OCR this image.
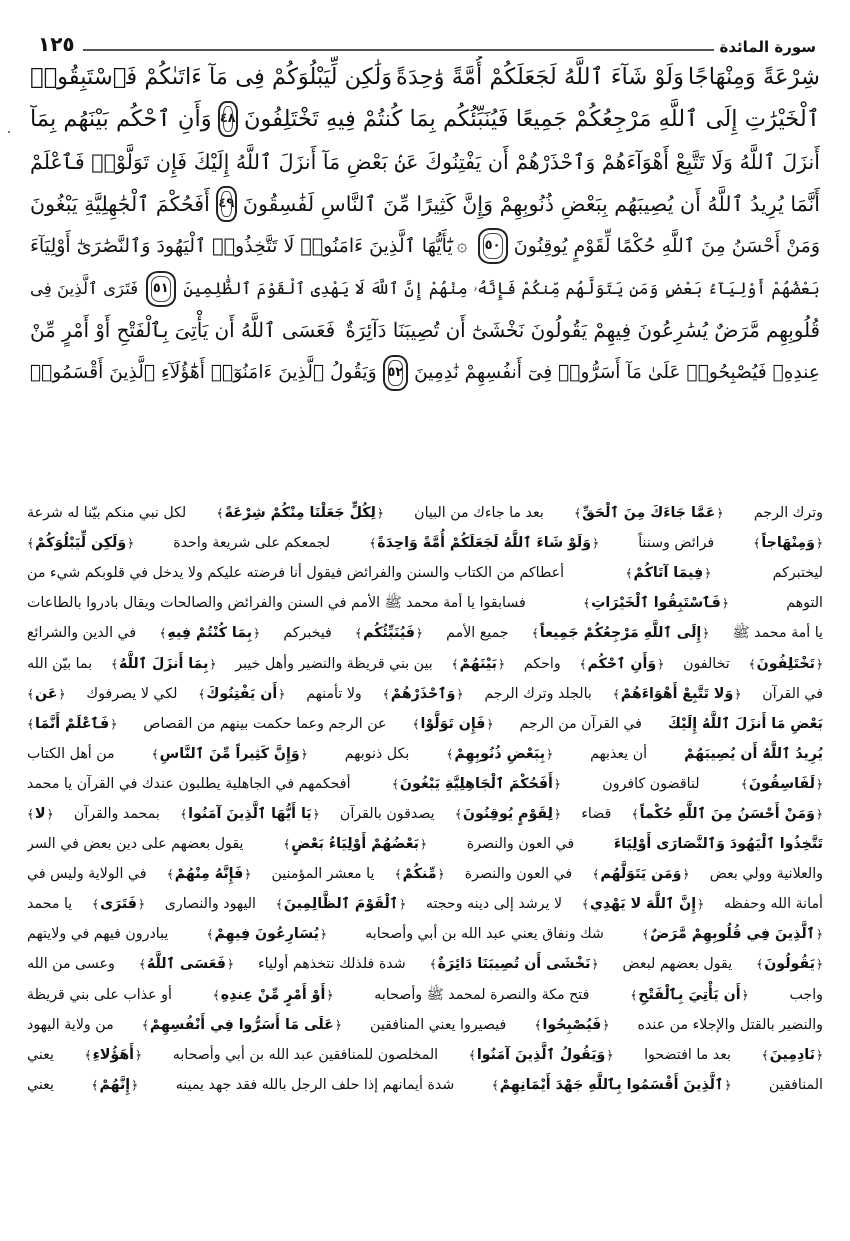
سورة المائدة
١٢٥
شِرْعَةً وَمِنْهَاجًا
وَلَوْ شَآءَ ٱللَّهُ لَجَعَلَكُمْ أُمَّةً وَٰحِدَةً
وَلَٰكِن لِّيَبْلُوَكُمْ فِى مَآ ءَاتَىٰكُمْ فَٱسْتَبِقُوا۟
ٱلْخَيْرَٰتِ إِلَى ٱللَّهِ مَرْجِعُكُمْ جَمِيعًا فَيُنَبِّئُكُم بِمَا كُنتُمْ فِيهِ تَخْتَلِفُونَ
٤٨
وَأَنِ ٱحْكُم بَيْنَهُم بِمَآ
أَنزَلَ ٱللَّهُ وَلَا تَتَّبِعْ أَهْوَآءَهُمْ وَٱحْذَرْهُمْ أَن يَفْتِنُوكَ عَنۢ بَعْضِ مَآ أَنزَلَ ٱللَّهُ إِلَيْكَ
فَإِن تَوَلَّوْا۟ فَٱعْلَمْ
أَنَّمَا يُرِيدُ ٱللَّهُ أَن يُصِيبَهُم بِبَعْضِ ذُنُوبِهِمْ وَإِنَّ كَثِيرًا مِّنَ ٱلنَّاسِ لَفَٰسِقُونَ
٤٩
أَفَحُكْمَ ٱلْجَٰهِلِيَّةِ يَبْغُونَ
وَمَنْ أَحْسَنُ مِنَ ٱللَّهِ حُكْمًا لِّقَوْمٍ يُوقِنُونَ
٥٠
۞
يَٰٓأَيُّهَا ٱلَّذِينَ ءَامَنُوا۟ لَا تَتَّخِذُوا۟ ٱلْيَهُودَ وَٱلنَّصَٰرَىٰٓ أَوْلِيَآءَ
بَعْضُهُمْ أَوْلِيَآءُ بَعْضٍ وَمَن يَتَوَلَّهُم مِّنكُمْ فَإِنَّهُۥ مِنْهُمْ إِنَّ ٱللَّهَ لَا يَهْدِى ٱلْقَوْمَ ٱلظَّٰلِمِينَ
٥١
فَتَرَى ٱلَّذِينَ فِى
قُلُوبِهِم مَّرَضٌ يُسَٰرِعُونَ فِيهِمْ يَقُولُونَ نَخْشَىٰٓ أَن تُصِيبَنَا دَآئِرَةٌ
فَعَسَى ٱللَّهُ أَن يَأْتِىَ بِٱلْفَتْحِ أَوْ أَمْرٍ مِّنْ
عِندِهِۦ فَيُصْبِحُوا۟ عَلَىٰ مَآ أَسَرُّوا۟ فِىٓ أَنفُسِهِمْ نَٰدِمِينَ
٥٢
وَيَقُولُ ٱلَّذِينَ ءَامَنُوٓا۟ أَهَٰٓؤُلَآءِ ٱلَّذِينَ أَقْسَمُوا۟
وترك الرجم
﴿ عَمَّا جَاءَكَ مِنَ ٱلْحَقِّ ﴾
بعد ما جاءك من البيان
﴿ لِكُلٍّ جَعَلْنَا مِنْكُمْ شِرْعَةً ﴾
لكل نبي منكم بيّنا له شرعة
﴿ وَمِنْهَاجاً ﴾
فرائض وسنناً
﴿ وَلَوْ شَاءَ ٱللَّهُ لَجَعَلَكُمْ أُمَّةً وَاحِدَةً ﴾
لجمعكم على شريعة واحدة
﴿ وَلَكِن لِّيَبْلُوَكُمْ ﴾
ليختبركم
﴿ فِيمَا آتَاكُمْ ﴾
أعطاكم من الكتاب والسنن والفرائض فيقول أنا فرضته عليكم ولا يدخل في قلوبكم شيء من
التوهم
﴿ فَٱسْتَبِقُوا ٱلْخَيْرَاتِ ﴾
فسابقوا يا أمة محمد ﷺ الأمم في السنن والفرائض والصالحات ويقال بادروا بالطاعات
يا أمة محمد ﷺ
﴿ إِلَى ٱللَّهِ مَرْجِعُكُمْ جَمِيعاً ﴾
جميع الأمم
﴿ فَيُنَبِّئُكُم ﴾
فيخبركم
﴿ بِمَا كُنْتُمْ فِيهِ ﴾
في الدين والشرائع
﴿ تَخْتَلِفُونَ ﴾
تخالفون
﴿ وَأَنِ ٱحْكُم ﴾
واحكم
﴿ بَيْنَهُمْ ﴾
بين بني قريظة والنضير وأهل خيبر
﴿ بِمَا أَنزَلَ ٱللَّهُ ﴾
بما بيّن الله
في القرآن
﴿ وَلا تَتَّبِعْ أَهْوَاءَهُمْ ﴾
بالجلد وترك الرجم
﴿ وَٱحْذَرْهُمْ ﴾
ولا تأمنهم
﴿ أَن يَفْتِنُوكَ ﴾
لكي لا يصرفوك
﴿ عَن ﴾
بَعْضِ مَا أَنزَلَ ٱللَّهُ إِلَيْكَ
في القرآن من الرجم
﴿ فَإِن تَوَلَّوْا ﴾
عن الرجم وعما حكمت بينهم من القصاص
﴿ فَٱعْلَمْ أَنَّمَا ﴾
يُرِيدُ ٱللَّهُ أَن يُصِيبَهُمْ
أن يعذبهم
﴿ بِبَعْضِ ذُنُوبِهِمْ ﴾
بكل ذنوبهم
﴿ وَإِنَّ كَثِيراً مِّنَ ٱلنَّاسِ ﴾
من أهل الكتاب
﴿ لَفَاسِقُونَ ﴾
لناقضون كافرون
﴿ أَفَحُكْمَ ٱلْجَاهِلِيَّةِ يَبْغُونَ ﴾
أفحكمهم في الجاهلية يطلبون عندك في القرآن يا محمد
﴿ وَمَنْ أَحْسَنُ مِنَ ٱللَّهِ حُكْماً ﴾
قضاء
﴿ لِقَوْمٍ يُوقِنُونَ ﴾
يصدقون بالقرآن
﴿ يَا أَيُّهَا ٱلَّذِينَ آمَنُوا ﴾
بمحمد والقرآن
﴿ لا ﴾
تَتَّخِذُوا ٱلْيَهُودَ وَٱلنَّصَارَى أَوْلِيَاءَ
في العون والنصرة
﴿ بَعْضُهُمْ أَوْلِيَاءُ بَعْضٍ ﴾
يقول بعضهم على دين بعض في السر
والعلانية وولي بعض
﴿ وَمَن يَتَوَلَّهُم ﴾
في العون والنصرة
﴿ مِّنكُمْ ﴾
يا معشر المؤمنين
﴿ فَإِنَّهُ مِنْهُمْ ﴾
في الولاية وليس في
أمانة الله وحفظه
﴿ إِنَّ ٱللَّهَ لا يَهْدِي ﴾
لا يرشد إلى دينه وحجته
﴿ ٱلْقَوْمَ ٱلظَّالِمِينَ ﴾
اليهود والنصارى
﴿ فَتَرَى ﴾
يا محمد
﴿ ٱلَّذِينَ فِي قُلُوبِهِمْ مَّرَضٌ ﴾
شك ونفاق يعني عبد الله بن أبي وأصحابه
﴿ يُسَارِعُونَ فِيهِمْ ﴾
يبادرون فيهم في ولايتهم
﴿ يَقُولُونَ ﴾
يقول بعضهم لبعض
﴿ نَخْشَى أَن تُصِيبَنَا دَائِرَةٌ ﴾
شدة فلذلك نتخذهم أولياء
﴿ فَعَسَى ٱللَّهُ ﴾
وعسى من الله
واجب
﴿ أَن يَأْتِيَ بِٱلْفَتْحِ ﴾
فتح مكة والنصرة لمحمد ﷺ وأصحابه
﴿ أَوْ أَمْرٍ مِّنْ عِندِهِ ﴾
أو عذاب على بني قريظة
والنضير بالقتل والإجلاء من عنده
﴿ فَيُصْبِحُوا ﴾
فيصيروا يعني المنافقين
﴿ عَلَى مَا أَسَرُّوا فِي أَنْفُسِهِمْ ﴾
من ولاية اليهود
﴿ نَادِمِينَ ﴾
بعد ما افتضحوا
﴿ وَيَقُولُ ٱلَّذِينَ آمَنُوا ﴾
المخلصون للمنافقين عبد الله بن أبي وأصحابه
﴿ أَهَؤُلاءِ ﴾
يعني
المنافقين
﴿ ٱلَّذِينَ أَقْسَمُوا بِٱللَّهِ جَهْدَ أَيْمَانِهِمْ ﴾
شدة أيمانهم إذا حلف الرجل بالله فقد جهد يمينه
﴿ إِنَّهُمْ ﴾
يعني
